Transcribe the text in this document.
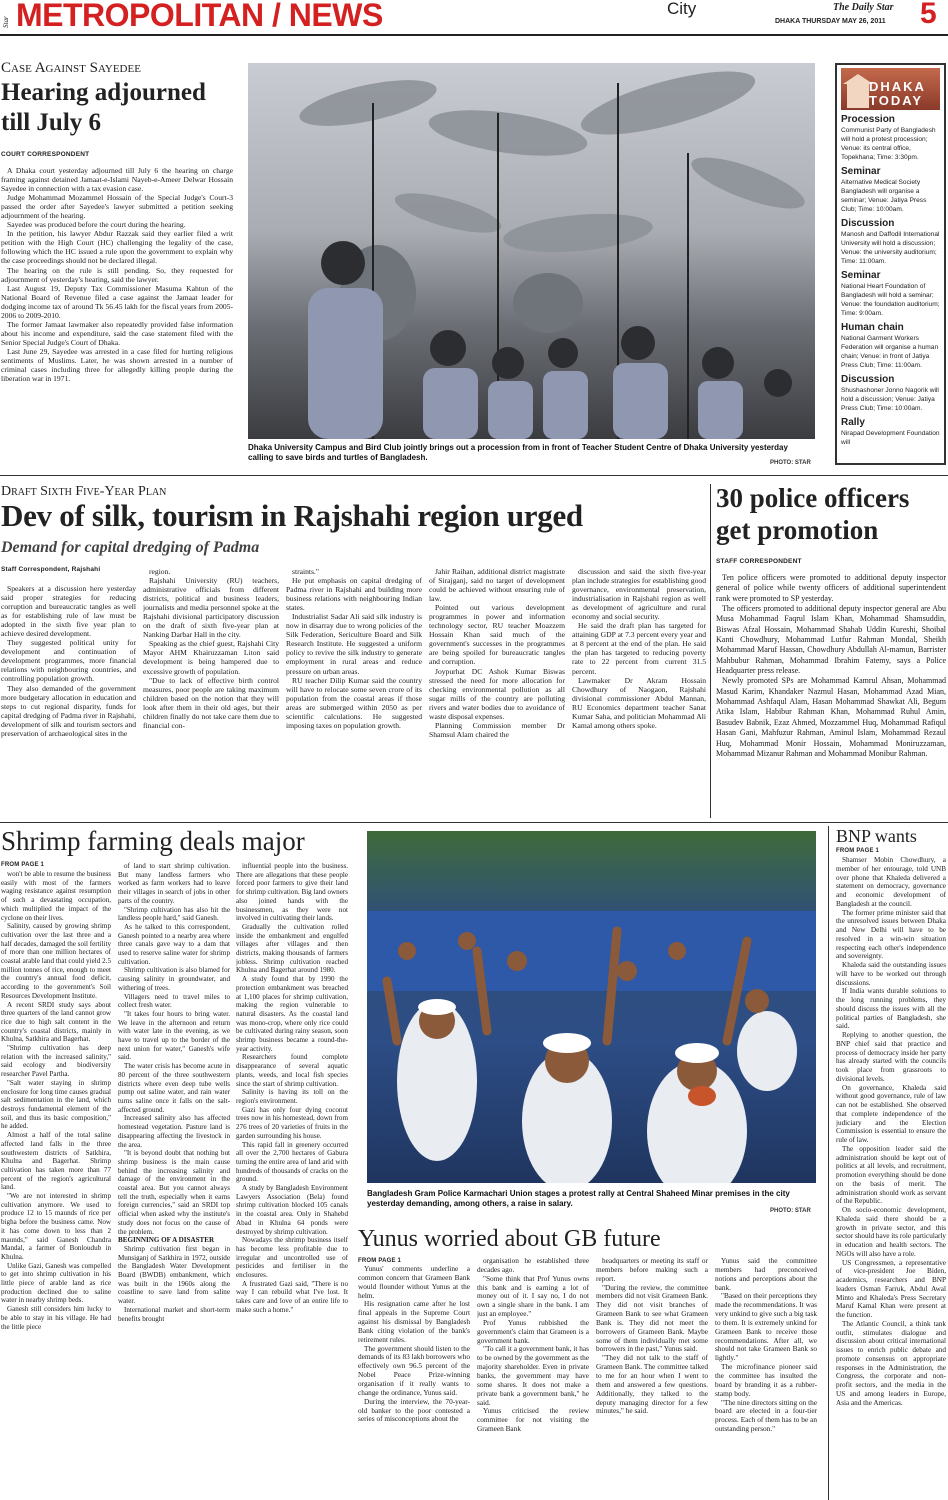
Star METROPOLITAN / NEWS	City	The Daily Star
DHAKA THURSDAY MAY 26, 2011 5
Case Against Sayedee
Hearing adjourned till July 6
COURT CORRESPONDENT

A Dhaka court yesterday adjourned till July 6 the hearing on charge framing against detained Jamaat-e-Islami Nayeb-e-Ameer Delwar Hossain Sayedee in connection with a tax evasion case.

Judge Mohammad Mozammel Hossain of the Special Judge's Court-3 passed the order after Sayedee's lawyer submitted a petition seeking adjournment of the hearing.

Sayedee was produced before the court during the hearing.

In the petition, his lawyer Abdur Razzak said they earlier filed a writ petition with the High Court (HC) challenging the legality of the case, following which the HC issued a rule upon the government to explain why the case proceedings should not be declared illegal.

The hearing on the rule is still pending. So, they requested for adjournment of yesterday's hearing, said the lawyer.

Last August 19, Deputy Tax Commissioner Masuma Kahtun of the National Board of Revenue filed a case against the Jamaat leader for dodging income tax of around Tk 56.45 lakh for the fiscal years from 2005-2006 to 2009-2010.

The former Jamaat lawmaker also repeatedly provided false information about his income and expenditure, said the case statement filed with the Senior Special Judge's Court of Dhaka.

Last June 29, Sayedee was arrested in a case filed for hurting religious sentiments of Muslims. Later, he was shown arrested in a number of criminal cases including three for allegedly killing people during the liberation war in 1971.

Dhaka University Campus and Bird Club jointly brings out a procession from in front of Teacher Student Centre of Dhaka University yesterday calling to save birds and turtles of Bangladesh.
PHOTO: STAR
DHAKA TODAY
Procession

Communist Party of Bangladesh will hold a protest procession; Venue: its central office, Topekhana; Time: 3:30pm.

Seminar

Alternative Medical Society Bangladesh will organise a seminar; Venue: Jatiya Press Club; Time: 10:00am.

Discussion

Manosh and Daffodil International University will hold a discussion; Venue: the university auditorium; Time: 11:00am.

Seminar

National Heart Foundation of Bangladesh will hold a seminar; Venue: the foundation auditorium; Time: 9:00am.

Human chain

National Garment Workers Federation will organise a human chain; Venue: in front of Jatiya Press Club; Time: 11:00am.

Discussion

Shushashoner Jonno Nagorik will hold a discussion; Venue: Jatiya Press Club; Time: 10:00am.

Rally

Nirapad Development Foundation will

Draft Sixth Five-Year Plan
Dev of silk, tourism in Rajshahi region urged
Demand for capital dredging of Padma
Staff Correspondent, Rajshahi

Speakers at a discussion here yesterday said proper strategies for reducing corruption and bureaucratic tangles as well as for establishing rule of law must be adopted in the sixth five year plan to achieve desired development.

They suggested political unity for development and continuation of development programmes, more financial relations with neighbouring countries, and controlling population growth.

They also demanded of the government more budgetary allocation in education and steps to cut regional disparity, funds for capital dredging of Padma river in Rajshahi, development of silk and tourism sectors and preservation of archaeological sites in the

region.

Rajshahi University (RU) teachers, administrative officials from different districts, political and business leaders, journalists and media personnel spoke at the Rajshahi divisional participatory discussion on the draft of sixth five-year plan at Nanking Darbar Hall in the city.

Speaking as the chief guest, Rajshahi City Mayor AHM Khairuzzaman Liton said development is being hampered due to excessive growth of population.

"Due to lack of effective birth control measures, poor people are taking maximum children based on the notion that they will look after them in their old ages, but their children finally do not take care them due to financial con-

straints."

He put emphasis on capital dredging of Padma river in Rajshahi and building more business relations with neighbouring Indian states.

Industrialist Sadar Ali said silk industry is now in disarray due to wrong policies of the Silk Federation, Sericulture Board and Silk Research Institute. He suggested a uniform policy to revive the silk industry to generate employment in rural areas and reduce pressure on urban areas.

RU teacher Dilip Kumar said the country will have to relocate some seven crore of its population from the coastal areas if those areas are submerged within 2050 as per scientific calculations. He suggested imposing taxes on population growth.

Jahir Raihan, additional district magistrate of Sirajganj, said no target of development could be achieved without ensuring rule of law.

Pointed out various development programmes in power and information technology sector, RU teacher Moazzem Hossain Khan said much of the government's successes in the programmes are being spoiled for bureaucratic tangles and corruption.

Joypurhat DC Ashok Kumar Biswas stressed the need for more allocation for checking environmental pollution as all sugar mills of the country are polluting rivers and water bodies due to avoidance of waste disposal expenses.

Planning Commission member Dr Shamsul Alam chaired the

discussion and said the sixth five-year plan include strategies for establishing good governance, environmental preservation, industrialisation in Rajshahi region as well as development of agriculture and rural economy and social security.

He said the draft plan has targeted for attaining GDP at 7.3 percent every year and at 8 percent at the end of the plan. He said the plan has targeted to reducing poverty rate to 22 percent from current 31.5 percent.

Lawmaker Dr Akram Hossain Chowdhury of Naogaon, Rajshahi divisional commissioner Abdul Mannan, RU Economics department teacher Sanat Kumar Saha, and politician Mohammad Ali Kamal among others spoke.

30 police officers get promotion
STAFF CORRESPONDENT

Ten police officers were promoted to additional deputy inspector general of police while twenty officers of additional superintendent rank were promoted to SP yesterday.

The officers promoted to additional deputy inspector general are Abu Musa Mohammad Faqrul Islam Khan, Mohammad Shamsuddin, Biswas Afzal Hossain, Mohammad Shahab Uddin Kureshi, Shoibal Kanti Chowdhury, Mohammad Lutfur Rahman Mondal, Sheikh Mohammad Maruf Hassan, Chowdhury Abdullah Al-mamun, Barrister Mahbubur Rahman, Mohammad Ibrahim Fatemy, says a Police Headquarter press release.

Newly promoted SPs are Mohammad Kamrul Ahsan, Mohammad Masud Karim, Khandaker Nazmul Hasan, Mohammad Azad Mian, Mohammad Ashfaqul Alam, Hasan Mohammad Shawkat Ali, Begum Atika Islam, Habibur Rahman Khan, Mohammad Ruhul Amin, Basudev Babnik, Ezaz Ahmed, Mozzammel Huq, Mohammad Rafiqul Hasan Gani, Mahfuzur Rahman, Aminul Islam, Mohammad Rezaul Huq, Mohammad Monir Hossain, Mohammad Moniruzzaman, Mohammad Mizanur Rahman and Mohammad Monibur Rahman.

Shrimp farming deals major
FROM PAGE 1

won't be able to resume the business easily with most of the farmers waging resistance against resumption of such a devastating occupation, which multiplied the impact of the cyclone on their lives.

Salinity, caused by growing shrimp cultivation over the last three and a half decades, damaged the soil fertility of more than one million hectares of coastal arable land that could yield 2.5 million tonnes of rice, enough to meet the country's annual food deficit, according to the government's Soil Resources Development Institute.

A recent SRDI study says about three quarters of the land cannot grow rice due to high salt content in the country's coastal districts, mainly in Khulna, Satkhira and Bagerhat.

"Shrimp cultivation has deep relation with the increased salinity," said ecology and biodiversity researcher Pavel Partha.

"Salt water staying in shrimp enclosure for long time causes gradual salt sedimentation in the land, which destroys fundamental element of the soil, and thus its basic composition," he added.

Almost a half of the total saline affected land falls in the three southwestern districts of Satkhira, Khulna and Bagerhat. Shrimp cultivation has taken more than 77 percent of the region's agricultural land.

"We are not interested in shrimp cultivation anymore. We used to produce 12 to 15 maunds of rice per bigha before the business came. Now it has come down to less than 2 maunds," said Ganesh Chandra Mandal, a farmer of Bonloudub in Khulna.

Unlike Gazi, Ganesh was compelled to get into shrimp cultivation in his little piece of arable land as rice production declined due to saline water in nearby shrimp beds.

Ganesh still considers him lucky to be able to stay in his village. He had the little piece

of land to start shrimp cultivation. But many landless farmers who worked as farm workers had to leave their villages in search of jobs in other parts of the country.

"Shrimp cultivation has also hit the landless people hard," said Ganesh.

As he talked to this correspondent, Ganesh pointed to a nearby area where three canals gave way to a dam that used to reserve saline water for shrimp cultivation.

Shrimp cultivation is also blamed for causing salinity in groundwater, and withering of trees.

Villagers need to travel miles to collect fresh water.

"It takes four hours to bring water. We leave in the afternoon and return with water late in the evening, as we have to travel up to the border of the next union for water," Ganesh's wife said.

The water crisis has become acute in 80 percent of the three southwestern districts where even deep tube wells pump out saline water, and rain water turns saline once it falls on the salt-affected ground.

Increased salinity also has affected homestead vegetation. Pasture land is disappearing affecting the livestock in the area.

"It is beyond doubt that nothing but shrimp business is the main cause behind the increasing salinity and damage of the environment in the coastal area. But you cannot always tell the truth, especially when it earns foreign currencies," said an SRDI top official when asked why the institute's study does not focus on the cause of the problem.

BEGINNING OF A DISASTER

Shrimp cultivation first began in Munsiganj of Satkhira in 1972, outside the Bangladesh Water Development Board (BWDB) embankment, which was built in the 1960s along the coastline to save land from saline water.

International market and short-term benefits brought

influential people into the business. There are allegations that these people forced poor farmers to give their land for shrimp cultivation. Big land owners also joined hands with the businessmen, as they were not involved in cultivating their lands.

Gradually the cultivation rolled inside the embankment and engulfed villages after villages and then districts, making thousands of farmers jobless. Shrimp cultivation reached Khulna and Bagerhat around 1980.

A study found that by 1990 the protection embankment was breached at 1,100 places for shrimp cultivation, making the region vulnerable to natural disasters. As the coastal land was mono-crop, where only rice could be cultivated during rainy season, soon shrimp business became a round-the-year activity.

Researchers found complete disappearance of several aquatic plants, weeds, and local fish species since the start of shrimp cultivation.

Salinity is having its toll on the region's environment.

Gazi has only four dying coconut trees now in his homestead, down from 276 trees of 20 varieties of fruits in the garden surrounding his house.

This rapid fall in greenery occurred all over the 2,700 hectares of Gabura turning the entire area of land arid with hundreds of thousands of cracks on the ground.

A study by Bangladesh Environment Lawyers Association (Bela) found shrimp cultivation blocked 105 canals in the coastal area. Only in Shahebd Abad in Khulna 64 ponds were destroyed by shrimp cultivation.

Nowadays the shrimp business itself has become less profitable due to irregular and uncontrolled use of pesticides and fertiliser in the enclosures.

A frustrated Gazi said, "There is no way I can rebuild what I've lost. It takes care and love of an entire life to make such a home."

Bangladesh Gram Police Karmachari Union stages a protest rally at Central Shaheed Minar premises in the city yesterday demanding, among others, a raise in salary.
PHOTO: STAR
Yunus worried about GB future
FROM PAGE 1

Yunus' comments underline a common concern that Grameen Bank would flounder without Yunus at the helm.

His resignation came after he lost final appeals in the Supreme Court against his dismissal by Bangladesh Bank citing violation of the bank's retirement rules.

The government should listen to the demands of its 83 lakh borrowers who effectively own 96.5 percent of the Nobel Peace Prize-winning organisation if it really wants to change the ordinance, Yunus said.

During the interview, the 70-year-old banker to the poor contested a series of misconceptions about the

organisation he established three decades ago.

"Some think that Prof Yunus owns this bank and is earning a lot of money out of it. I say no, I do not own a single share in the bank. I am just an employee."

Prof Yunus rubbished the government's claim that Grameen is a government bank.

"To call it a government bank, it has to be owned by the government as the majority shareholder. Even in private banks, the government may have some shares. It does not make a private bank a government bank," he said.

Yunus criticised the review committee for not visiting the Grameen Bank

headquarters or meeting its staff or members before making such a report.

"During the review, the committee members did not visit Grameen Bank. They did not visit branches of Grameen Bank to see what Grameen Bank is. They did not meet the borrowers of Grameen Bank. Maybe some of them individually met some borrowers in the past," Yunus said.

"They did not talk to the staff of Grameen Bank. The committee talked to me for an hour when I went to them and answered a few questions. Additionally, they talked to the deputy managing director for a few minutes," he said.

Yunus said the committee members had preconceived notions and perceptions about the bank.

"Based on their perceptions they made the recommendations. It was very unkind to give such a big task to them. It is extremely unkind for Grameen Bank to receive those recommendations. After all, we should not take Grameen Bank so lightly."

The microfinance pioneer said the committee has insulted the board by branding it as a rubber-stamp body.

"The nine directors sitting on the board are elected in a four-tier process. Each of them has to be an outstanding person."

BNP wants
FROM PAGE 1

Shamser Mobin Chowdhury, a member of her entourage, told UNB over phone that Khaleda delivered a statement on democracy, governance and economic development of Bangladesh at the council.

The former prime minister said that the unresolved issues between Dhaka and New Delhi will have to be resolved in a win-win situation respecting each other's independence and sovereignty.

Khaleda said the outstanding issues will have to be worked out through discussions.

If India wants durable solutions to the long running problems, they should discuss the issues with all the political parties of Bangladesh, she said.

Replying to another question, the BNP chief said that practice and process of democracy inside her party has already started with the councils took place from grassroots to divisional levels.

On governance, Khaleda said without good governance, rule of law can not be established. She observed that complete independence of the judiciary and the Election Commission is essential to ensure the rule of law.

The opposition leader said the administration should be kept out of politics at all levels, and recruitment, promotion everything should be done on the basis of merit. The administration should work as servant of the Republic.

On socio-economic development, Khaleda said there should be a growth in private sector, and this sector should have its role particularly in education and health sectors. The NGOs will also have a role.

US Congressmen, a representative of vice-president Joe Biden, academics, researchers and BNP leaders Osman Farruk, Abdul Awal Minto and Khaleda's Press Secretary Maruf Kamal Khan were present at the function.

The Atlantic Council, a think tank outfit, stimulates dialogue and discussion about critical international issues to enrich public debate and promote consensus on appropriate responses in the Administration, the Congress, the corporate and non-profit sectors, and the media in the US and among leaders in Europe, Asia and the Americas.
